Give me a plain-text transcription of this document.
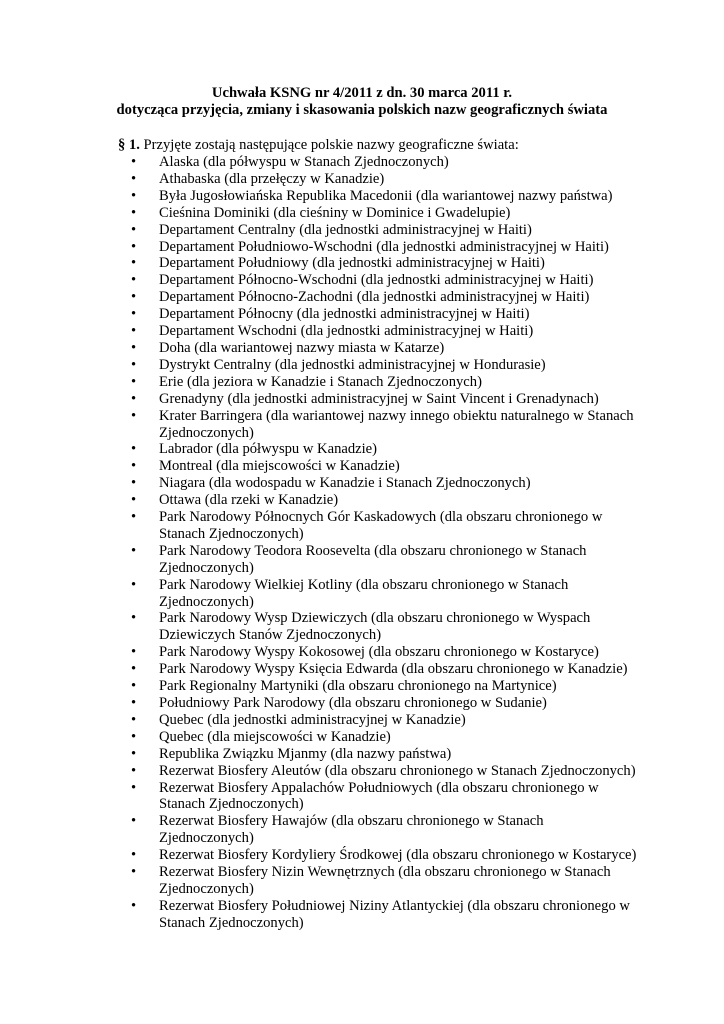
Uchwała KSNG nr 4/2011 z dn. 30 marca 2011 r.
dotycząca przyjęcia, zmiany i skasowania polskich nazw geograficznych świata
§ 1. Przyjęte zostają następujące polskie nazwy geograficzne świata:
• Alaska (dla półwyspu w Stanach Zjednoczonych)
• Athabaska (dla przełęczy w Kanadzie)
• Była Jugosłowiańska Republika Macedonii (dla wariantowej nazwy państwa)
• Cieśnina Dominiki (dla cieśniny w Dominice i Gwadelupie)
• Departament Centralny (dla jednostki administracyjnej w Haiti)
• Departament Południowo-Wschodni (dla jednostki administracyjnej w Haiti)
• Departament Południowy (dla jednostki administracyjnej w Haiti)
• Departament Północno-Wschodni (dla jednostki administracyjnej w Haiti)
• Departament Północno-Zachodni (dla jednostki administracyjnej w Haiti)
• Departament Północny (dla jednostki administracyjnej w Haiti)
• Departament Wschodni (dla jednostki administracyjnej w Haiti)
• Doha (dla wariantowej nazwy miasta w Katarze)
• Dystrykt Centralny (dla jednostki administracyjnej w Hondurasie)
• Erie (dla jeziora w Kanadzie i Stanach Zjednoczonych)
• Grenadyny (dla jednostki administracyjnej w Saint Vincent i Grenadynach)
• Krater Barringera (dla wariantowej nazwy innego obiektu naturalnego w Stanach
Zjednoczonych)
• Labrador (dla półwyspu w Kanadzie)
• Montreal (dla miejscowości w Kanadzie)
• Niagara (dla wodospadu w Kanadzie i Stanach Zjednoczonych)
• Ottawa (dla rzeki w Kanadzie)
• Park Narodowy Północnych Gór Kaskadowych (dla obszaru chronionego w
Stanach Zjednoczonych)
• Park Narodowy Teodora Roosevelta (dla obszaru chronionego w Stanach
Zjednoczonych)
• Park Narodowy Wielkiej Kotliny (dla obszaru chronionego w Stanach
Zjednoczonych)
• Park Narodowy Wysp Dziewiczych (dla obszaru chronionego w Wyspach
Dziewiczych Stanów Zjednoczonych)
• Park Narodowy Wyspy Kokosowej (dla obszaru chronionego w Kostaryce)
• Park Narodowy Wyspy Księcia Edwarda (dla obszaru chronionego w Kanadzie)
• Park Regionalny Martyniki (dla obszaru chronionego na Martynice)
• Południowy Park Narodowy (dla obszaru chronionego w Sudanie)
• Quebec (dla jednostki administracyjnej w Kanadzie)
• Quebec (dla miejscowości w Kanadzie)
• Republika Związku Mjanmy (dla nazwy państwa)
• Rezerwat Biosfery Aleutów (dla obszaru chronionego w Stanach Zjednoczonych)
• Rezerwat Biosfery Appalachów Południowych (dla obszaru chronionego w
Stanach Zjednoczonych)
• Rezerwat Biosfery Hawajów (dla obszaru chronionego w Stanach
Zjednoczonych)
• Rezerwat Biosfery Kordyliery Środkowej (dla obszaru chronionego w Kostaryce)
• Rezerwat Biosfery Nizin Wewnętrznych (dla obszaru chronionego w Stanach
Zjednoczonych)
• Rezerwat Biosfery Południowej Niziny Atlantyckiej (dla obszaru chronionego w
Stanach Zjednoczonych)
